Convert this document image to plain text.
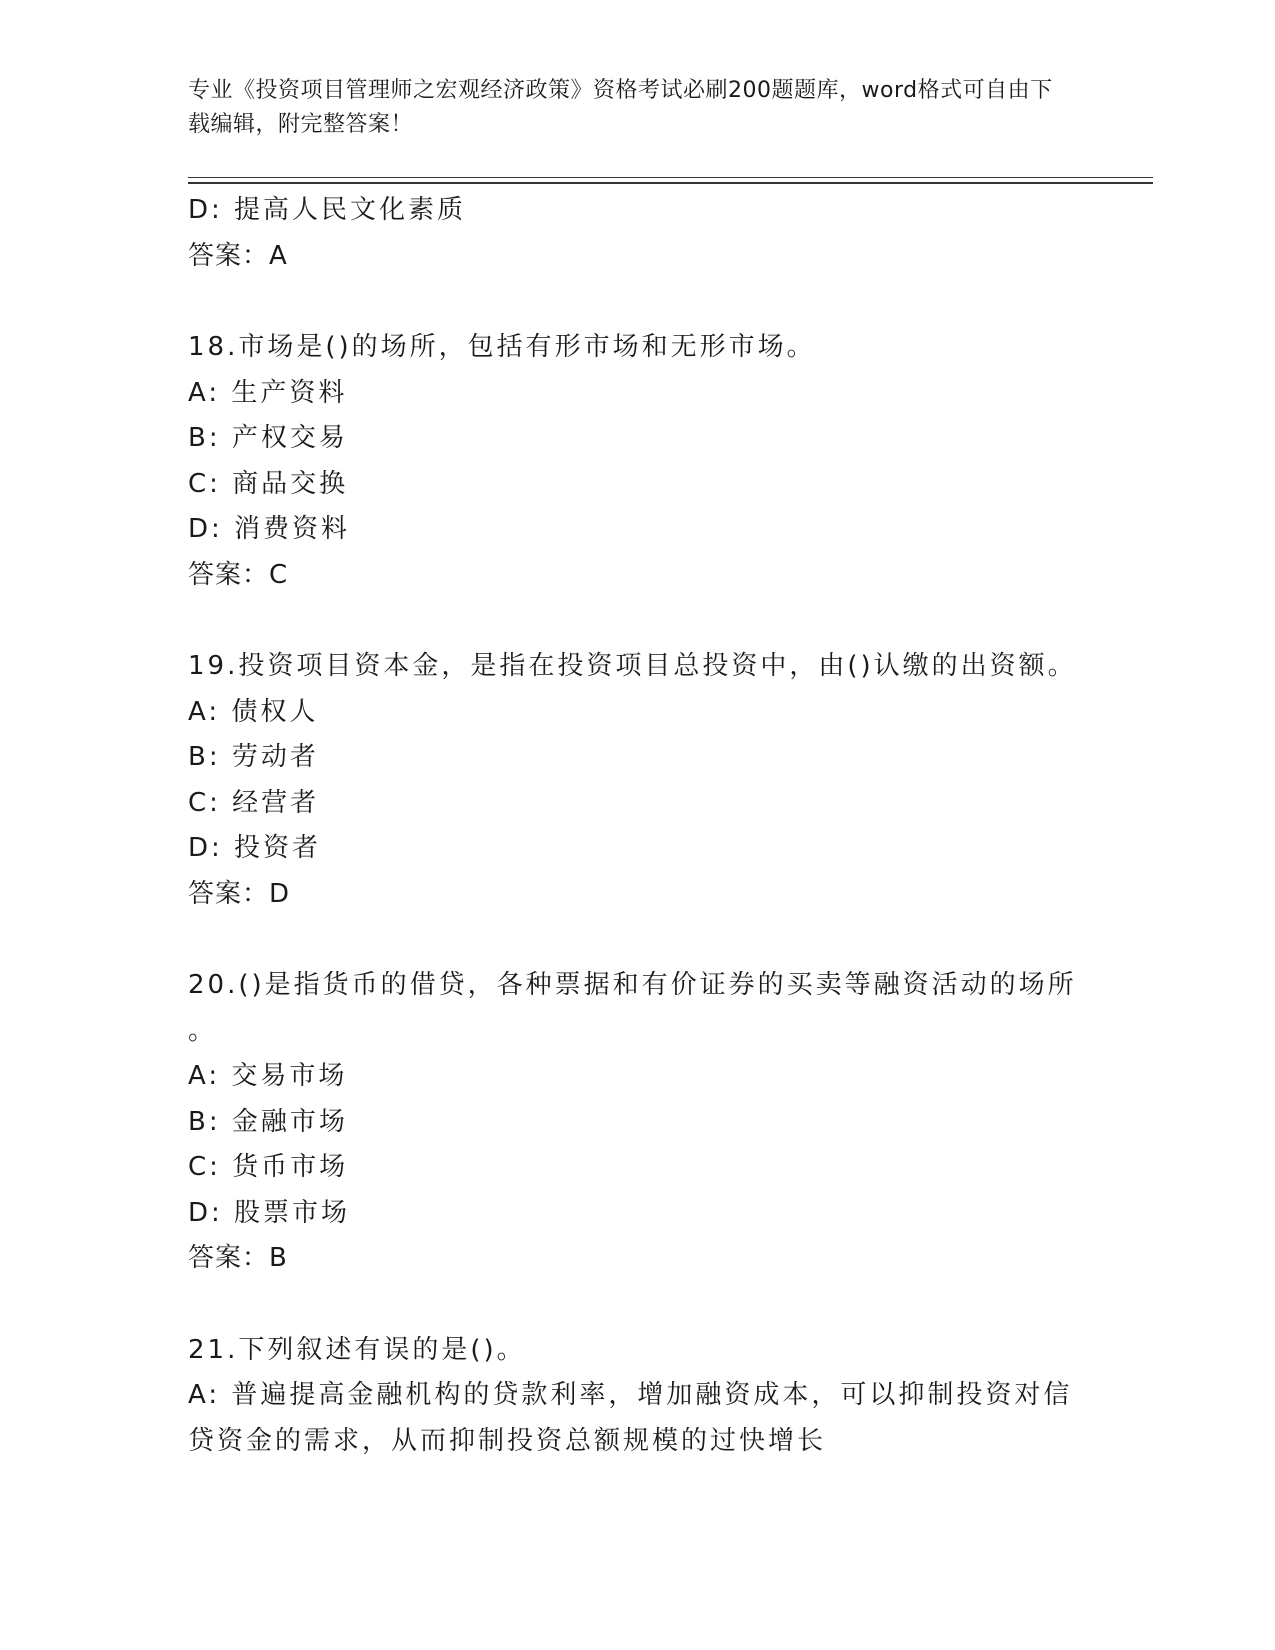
专业《投资项目管理师之宏观经济政策》资格考试必刷200题题库，word格式可自由下载编辑，附完整答案！
D: 提高人民文化素质
答案：A
18.市场是()的场所，包括有形市场和无形市场。
A: 生产资料
B: 产权交易
C: 商品交换
D: 消费资料
答案：C
19.投资项目资本金，是指在投资项目总投资中，由()认缴的出资额。
A: 债权人
B: 劳动者
C: 经营者
D: 投资者
答案：D
20.()是指货币的借贷，各种票据和有价证券的买卖等融资活动的场所
。
A: 交易市场
B: 金融市场
C: 货币市场
D: 股票市场
答案：B
21.下列叙述有误的是()。
A: 普遍提高金融机构的贷款利率，增加融资成本，可以抑制投资对信贷资金的需求，从而抑制投资总额规模的过快增长
